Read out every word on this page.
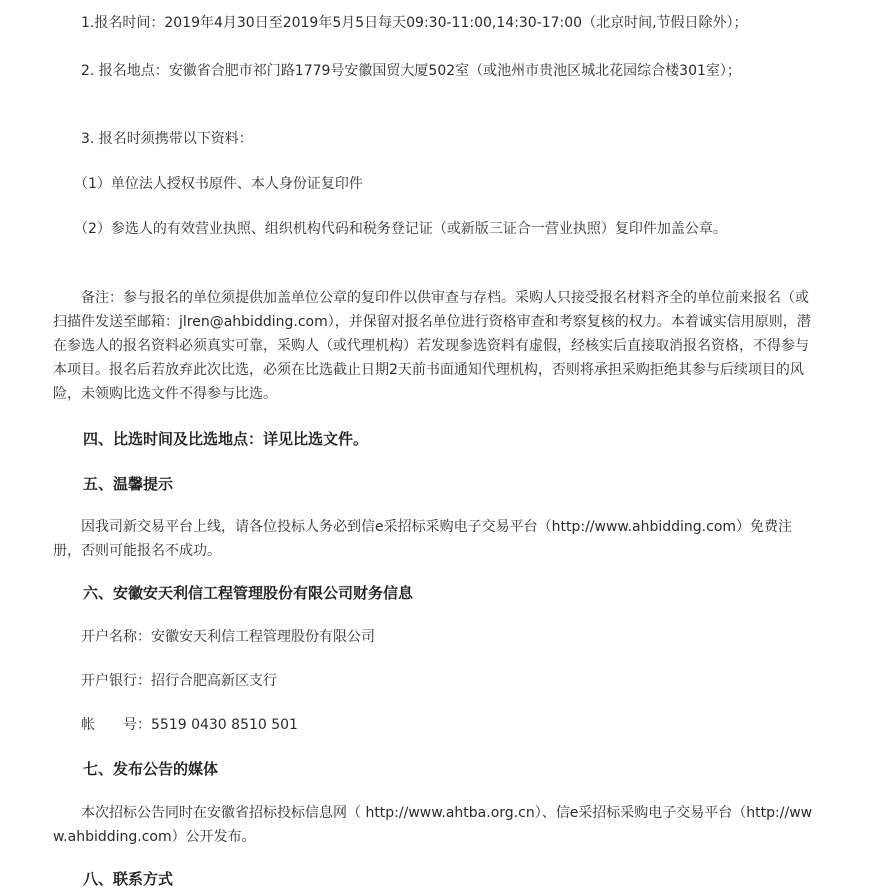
　　1.报名时间：2019年4月30日至2019年5月5日每天09:30-11:00,14:30-17:00（北京时间,节假日除外）；
　　2. 报名地点：安徽省合肥市祁门路1779号安徽国贸大厦502室（或池州市贵池区城北花园综合楼301室）；
　　3. 报名时须携带以下资料：
　　（1）单位法人授权书原件、本人身份证复印件
　　（2）参选人的有效营业执照、组织机构代码和税务登记证（或新版三证合一营业执照）复印件加盖公章。
　　备注：参与报名的单位须提供加盖单位公章的复印件以供审查与存档。采购人只接受报名材料齐全的单位前来报名（或扫描件发送至邮箱：jlren@ahbidding.com），并保留对报名单位进行资格审查和考察复核的权力。本着诚实信用原则，潜在参选人的报名资料必须真实可靠，采购人（或代理机构）若发现参选资料有虚假，经核实后直接取消报名资格，不得参与本项目。报名后若放弃此次比选，必须在比选截止日期2天前书面通知代理机构，否则将承担采购拒绝其参与后续项目的风险，未领购比选文件不得参与比选。
　　四、比选时间及比选地点：详见比选文件。
　　五、温馨提示
　　因我司新交易平台上线，请各位投标人务必到信e采招标采购电子交易平台（http://www.ahbidding.com）免费注册，否则可能报名不成功。
　　六、安徽安天利信工程管理股份有限公司财务信息
　　开户名称：安徽安天利信工程管理股份有限公司
　　开户银行：招行合肥高新区支行
　　帐　　号：5519 0430 8510 501
　　七、发布公告的媒体
　　本次招标公告同时在安徽省招标投标信息网（ http://www.ahtba.org.cn）、信e采招标采购电子交易平台（http://www.ahbidding.com）公开发布。
　　八、联系方式
